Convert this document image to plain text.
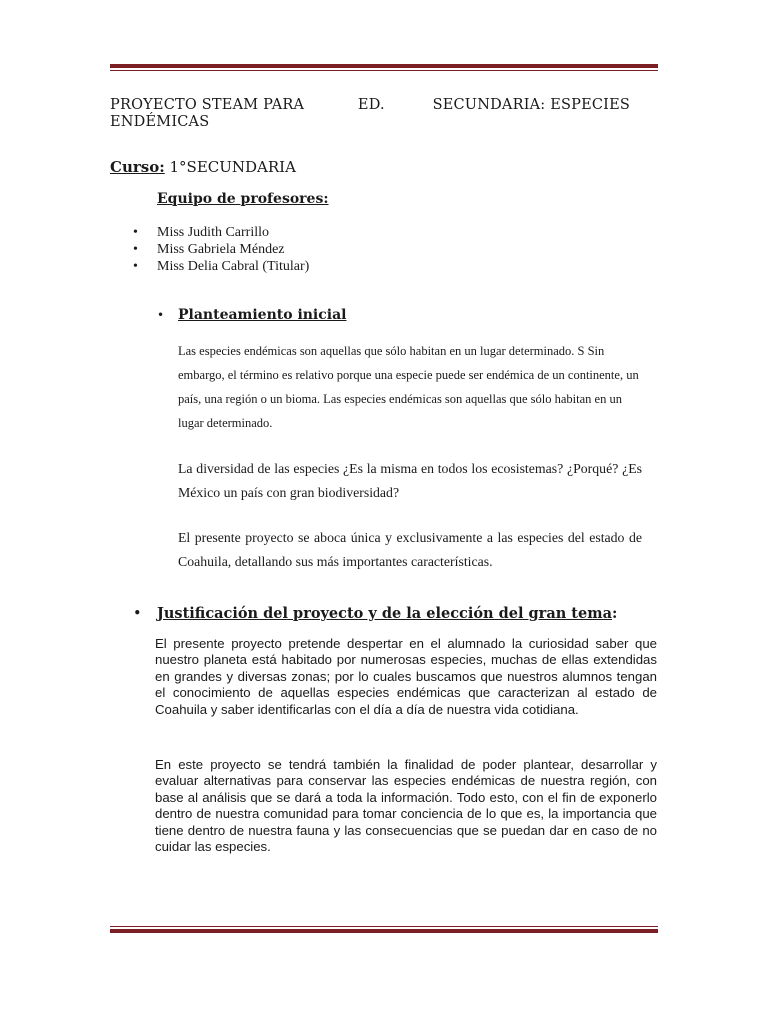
PROYECTO STEAM PARA	ED.	SECUNDARIA: ESPECIES
ENDÉMICAS
Curso: 1°SECUNDARIA
Equipo de profesores:
• Miss Judith Carrillo
• Miss Gabriela Méndez
• Miss Delia Cabral (Titular)
• Planteamiento inicial

Las especies endémicas son aquellas que sólo habitan en un lugar determinado. S Sin embargo, el término es relativo porque una especie puede ser endémica de un continente, un país, una región o un bioma. Las especies endémicas son aquellas que sólo habitan en un lugar determinado.

La diversidad de las especies ¿Es la misma en todos los ecosistemas? ¿Porqué? ¿Es México un país con gran biodiversidad?

El presente proyecto se aboca única y exclusivamente a las especies del estado de Coahuila, detallando sus más importantes características.

• Justificación del proyecto y de la elección del gran tema:

El presente proyecto pretende despertar en el alumnado la curiosidad saber que nuestro planeta está habitado por numerosas especies, muchas de ellas extendidas en grandes y diversas zonas; por lo cuales buscamos que nuestros alumnos tengan el conocimiento de aquellas especies endémicas que caracterizan al estado de Coahuila y saber identificarlas con el día a día de nuestra vida cotidiana.

En este proyecto se tendrá también la finalidad de poder plantear, desarrollar y evaluar alternativas para conservar las especies endémicas de nuestra región, con base al análisis que se dará a toda la información. Todo esto, con el fin de exponerlo dentro de nuestra comunidad para tomar conciencia de lo que es, la importancia que tiene dentro de nuestra fauna y las consecuencias que se puedan dar en caso de no cuidar las especies.
